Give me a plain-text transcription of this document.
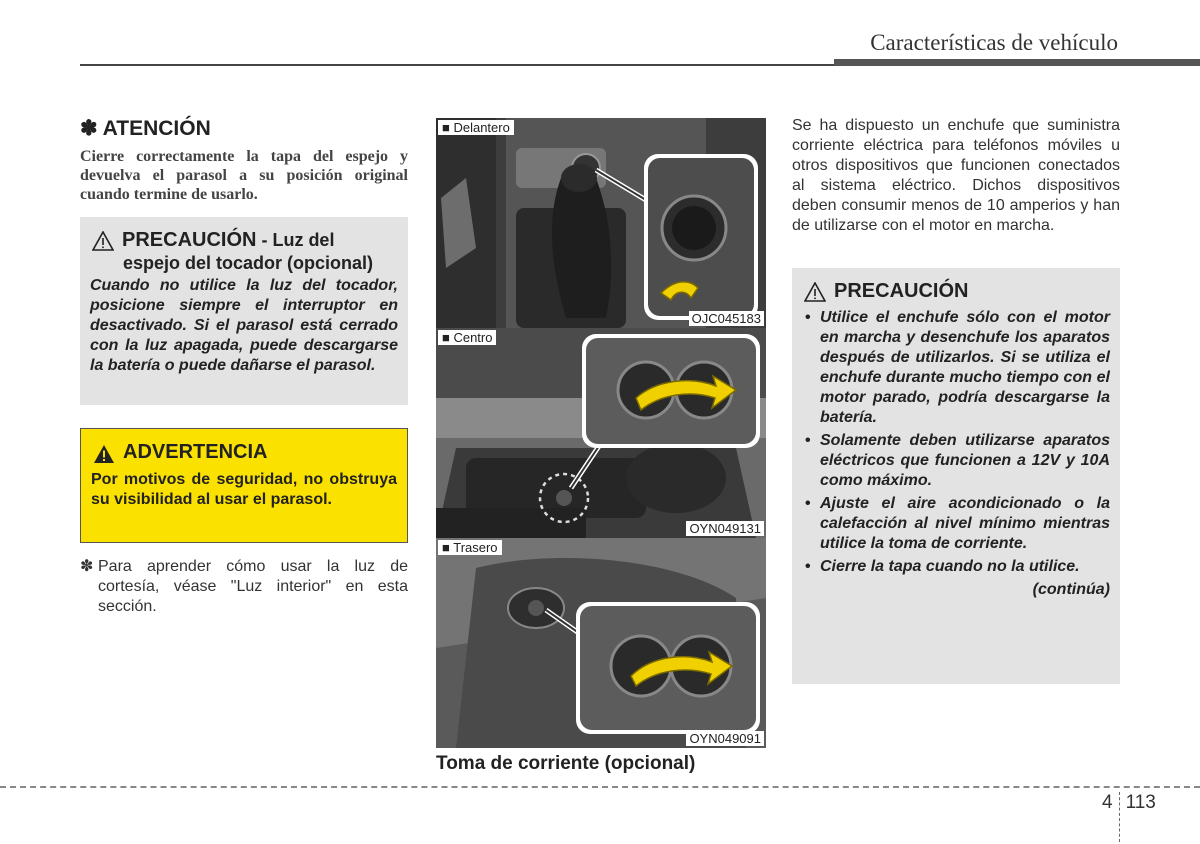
Características de vehículo
✽ ATENCIÓN
Cierre correctamente la tapa del espejo y devuelva el parasol a su posición original cuando termine de usarlo.
PRECAUCIÓN - Luz del
espejo del tocador (opcional)
Cuando no utilice la luz del tocador, posicione siempre el interruptor en desactivado. Si el parasol está cerrado con la luz apagada, puede descargarse la batería o puede dañarse el parasol.
ADVERTENCIA
Por motivos de seguridad, no obstruya su visibilidad al usar el parasol.
✽ Para aprender cómo usar la luz de cortesía, véase "Luz interior" en esta sección.
■ Delantero
OJC045183
■ Centro
OYN049131
■ Trasero
OYN049091
Toma de corriente (opcional)
Se ha dispuesto un enchufe que suministra corriente eléctrica para teléfonos móviles u otros dispositivos que funcionen conectados al sistema eléctrico. Dichos dispositivos deben consumir menos de 10 amperios y han de utilizarse con el motor en marcha.
PRECAUCIÓN
• Utilice el enchufe sólo con el motor en marcha y desenchufe los aparatos después de utilizarlos. Si se utiliza el enchufe durante mucho tiempo con el motor parado, podría descargarse la batería.
• Solamente deben utilizarse aparatos eléctricos que funcionen a 12V y 10A como máximo.
• Ajuste el aire acondicionado o la calefacción al nivel mínimo mientras utilice la toma de corriente.
• Cierre la tapa cuando no la utilice.
(continúa)
4 113
